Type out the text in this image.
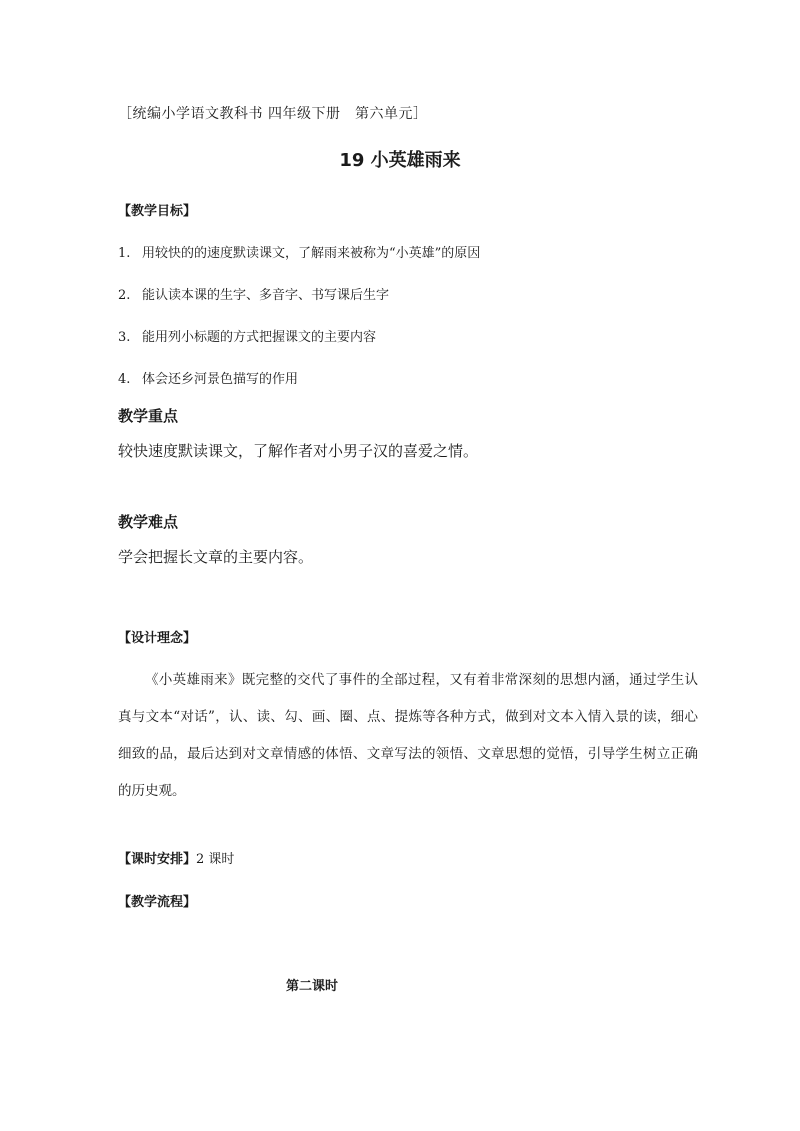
［统编小学语文教科书 四年级下册　第六单元］
19 小英雄雨来
【教学目标】
1. 用较快的的速度默读课文，了解雨来被称为“小英雄”的原因
2. 能认读本课的生字、多音字、书写课后生字
3. 能用列小标题的方式把握课文的主要内容
4. 体会还乡河景色描写的作用
教学重点
较快速度默读课文，了解作者对小男子汉的喜爱之情。
教学难点
学会把握长文章的主要内容。
【设计理念】
《小英雄雨来》既完整的交代了事件的全部过程，又有着非常深刻的思想内涵，通过学生认真与文本“对话”，认、读、勾、画、圈、点、提炼等各种方式，做到对文本入情入景的读，细心细致的品，最后达到对文章情感的体悟、文章写法的领悟、文章思想的觉悟，引导学生树立正确的历史观。
【课时安排】2 课时
【教学流程】
第二课时
